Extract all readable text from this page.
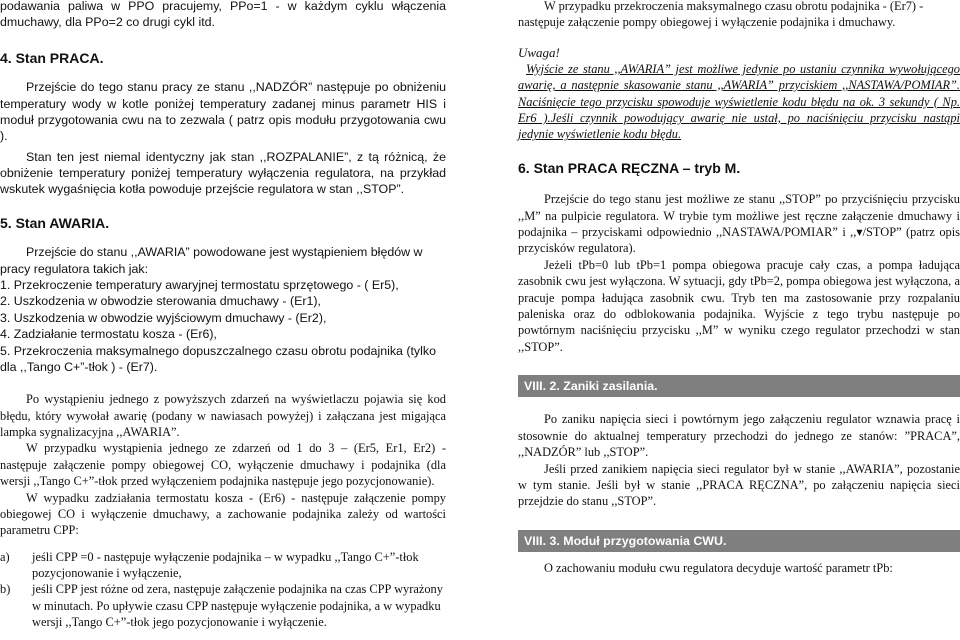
podawania paliwa w PPO pracujemy, PPo=1 - w każdym cyklu włączenia dmuchawy, dla PPo=2 co drugi cykl itd.

4. Stan PRACA.

Przejście do tego stanu pracy ze stanu ,,NADZÓR” następuje po obniżeniu temperatury wody w kotle poniżej temperatury zadanej minus parametr HIS i moduł przygotowania cwu na to zezwala ( patrz opis modułu przygotowania cwu ).

Stan ten jest niemal identyczny jak stan ,,ROZPALANIE”, z tą różnicą, że obniżenie temperatury poniżej temperatury wyłączenia regulatora, na przykład wskutek wygaśnięcia kotła powoduje przejście regulatora w stan ,,STOP”.

5. Stan AWARIA.

Przejście do stanu ,,AWARIA” powodowane jest wystąpieniem błędów w pracy regulatora takich jak:

1. Przekroczenie temperatury awaryjnej termostatu sprzętowego - ( Er5),

2. Uszkodzenia w obwodzie sterowania dmuchawy - (Er1),

3. Uszkodzenia w obwodzie wyjściowym dmuchawy - (Er2),

4. Zadziałanie termostatu kosza - (Er6),

5. Przekroczenia maksymalnego dopuszczalnego czasu obrotu podajnika (tylko dla ,,Tango C+”-tłok ) - (Er7).

Po wystąpieniu jednego z powyższych zdarzeń na wyświetlaczu pojawia się kod błędu, który wywołał awarię (podany w nawiasach powyżej) i załączana jest migająca lampka sygnalizacyjna ,,AWARIA”.

W przypadku wystąpienia jednego ze zdarzeń od 1 do 3 – (Er5, Er1, Er2) - następuje załączenie pompy obiegowej CO, wyłączenie dmuchawy i podajnika (dla wersji ,,Tango C+”-tłok przed wyłączeniem podajnika następuje jego pozycjonowanie).

W wypadku zadziałania termostatu kosza - (Er6) - następuje załączenie pompy obiegowej CO i wyłączenie dmuchawy, a zachowanie podajnika zależy od wartości parametru CPP:

a) jeśli CPP =0 - następuje wyłączenie podajnika – w wypadku ,,Tango C+”-tłok pozycjonowanie i wyłączenie,
b) jeśli CPP jest różne od zera, następuje załączenie podajnika na czas CPP wyrażony w minutach. Po upływie czasu CPP następuje wyłączenie podajnika, a w wypadku wersji ,,Tango C+”-tłok jego pozycjonowanie i wyłączenie.

W przypadku przekroczenia maksymalnego czasu obrotu podajnika - (Er7) - następuje załączenie pompy obiegowej i wyłączenie podajnika i dmuchawy.

Uwaga!

Wyjście ze stanu ,,AWARIA” jest możliwe jedynie po ustaniu czynnika wywołującego awarię, a następnie skasowanie stanu ,,AWARIA” przyciskiem ,,NASTAWA/POMIAR”. Naciśnięcie tego przycisku spowoduje wyświetlenie kodu błędu na ok. 3 sekundy ( Np. Er6 ).Jeśli czynnik powodujący awarię nie ustał, po naciśnięciu przycisku nastąpi jedynie wyświetlenie kodu błędu.

6. Stan PRACA RĘCZNA – tryb M.

Przejście do tego stanu jest możliwe ze stanu ,,STOP” po przyciśnięciu przycisku ,,M” na pulpicie regulatora. W trybie tym możliwe jest ręczne załączenie dmuchawy i podajnika – przyciskami odpowiednio ,,NASTAWA/POMIAR” i ,,▾/STOP” (patrz opis przycisków regulatora).

Jeżeli tPb=0 lub tPb=1 pompa obiegowa pracuje cały czas, a pompa ładująca zasobnik cwu jest wyłączona. W sytuacji, gdy tPb=2, pompa obiegowa jest wyłączona, a pracuje pompa ładująca zasobnik cwu. Tryb ten ma zastosowanie przy rozpalaniu paleniska oraz do odblokowania podajnika. Wyjście z tego trybu następuje po powtórnym naciśnięciu przycisku ,,M” w wyniku czego regulator przechodzi w stan ,,STOP”.

VIII. 2. Zaniki zasilania.

Po zaniku napięcia sieci i powtórnym jego załączeniu regulator wznawia pracę i stosownie do aktualnej temperatury przechodzi do jednego ze stanów: ”PRACA”, ,,NADZÓR” lub ,,STOP”.

Jeśli przed zanikiem napięcia sieci regulator był w stanie ,,AWARIA”, pozostanie w tym stanie. Jeśli był w stanie ,,PRACA RĘCZNA”, po załączeniu napięcia sieci przejdzie do stanu ,,STOP”.

VIII. 3. Moduł przygotowania CWU.

O zachowaniu modułu cwu regulatora decyduje wartość parametr tPb:
